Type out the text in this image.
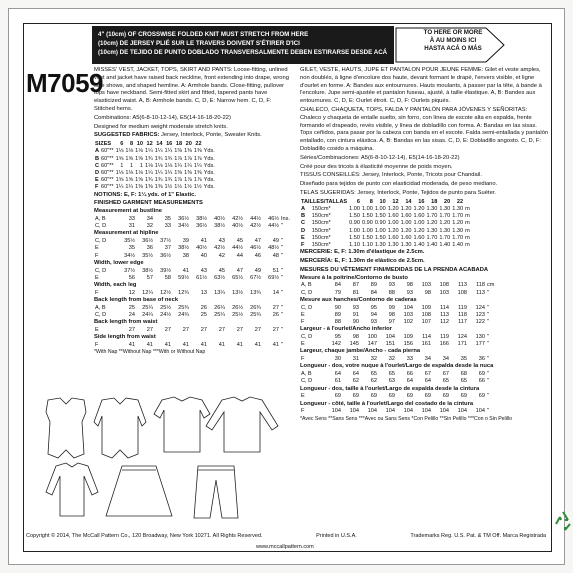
4" (10cm) OF CROSSWISE FOLDED KNIT MUST STRETCH FROM HERE
(10cm) DE JERSEY PLIÉ SUR LE TRAVERS DOIVENT S'ÉTIRER D'ICI
(10cm) DE TEJIDO DE PUNTO DOBLADO TRANSVERSALMENTE DEBEN ESTIRARSE DESDE ACÁ
TO HERE OR MORE
À AU MOINS ICI
HASTA ACÁ O MÁS
M7059
MISSES' VEST, JACKET, TOPS, SKIRT AND PANTS: Loose-fitting, unlined vest and jacket have raised back neckline, front extending into drape, wrong side shows, and shaped hemline. A: Armhole bands. Close-fitting, pullover tops have neckband. Semi-fitted skirt and fitted, tapered pants have elasticized waist. A, B: Armhole bands. C, D, E: Narrow hem. C, D, F: Stitched hems.
Combinations: A5(6-8-10-12-14), E5(14-16-18-20-22)
Designed for medium weight moderate stretch knits.
SUGGESTED FABRICS: Jersey, Interlock, Ponte, Sweater Knits.
SIZES		6	8	10	12	14	16	18	20	22	
A	60"**	1⅛	1⅛	1⅛	1¼	1¼	1¼	1⅜	1⅜	1⅜	Yds.
B	60"**	1⅝	1⅝	1⅝	1¾	1¾	1¾	1⅞	1⅞	1⅞	Yds.
C	60"**	1	1	1	1⅛	1⅛	1⅛	1¼	1¼	1¼	Yds.
D	60"**	1⅛	1⅛	1⅛	1¼	1¼	1¼	1⅜	1⅜	1⅜	Yds.
E	60"**	1⅝	1⅝	1⅝	1¾	1¾	1¾	1⅞	1⅞	1⅞	Yds.
F	60"**	1¼	1¼	1⅜	1⅜	1⅜	1½	1½	1½	1½	Yds.
NOTIONS: E, F: 1¼ yds. of 1" Elastic.
FINISHED GARMENT MEASUREMENTS
Measurement at bustline
A, B	33	34	35	36½	38½	40½	42½	44½	46½	Ins.
C, D	31	32	33	34½	36½	38½	40½	42½	44½	"
Measurement at hipline
C, D	35½	36½	37½	39	41	43	45	47	49	"
E	35	36	37	38½	40½	42½	44½	46½	48½	"
F	34½	35½	36½	38	40	42	44	46	48	"
Width, lower edge
C, D	37½	38½	39½	41	43	45	47	49	51	"
E	56	57	58	59½	61½	63½	65½	67½	69½	"
Width, each leg
F	12	12¼	12½	12¾	13	13¼	13½	13¾	14	"
Back length from base of neck
A, B	25	25¼	25½	25¾	26	26¼	26½	26¾	27	"
C, D	24	24¼	24½	24¾	25	25¼	25½	25¾	26	"
Back length from waist
E	27	27	27	27	27	27	27	27	27	"
Side length from waist
F	41	41	41	41	41	41	41	41	41	"
*With Nap **Without Nap ***With or Without Nap
GILET, VESTE, HAUTS, JUPE ET PANTALON POUR JEUNE FEMME: Gilet et veste amples, non doublés, à ligne d'encolure dos haute, devant formant le drapé, l'envers visible, et ligne d'ourlet en forme. A: Bandes aux entournures. Hauts moulants, à passer par la tête, à bande à l'encolure. Jupe semi-ajustée et pantalon fuseau, ajusté, à taille élastique. A, B: Bandes aux entournures. C, D, E: Ourlet étroit. C, D, F: Ourlets piqués.
CHALECO, CHAQUETA, TOPS, FALDA Y PANTALÓN PARA JÓVENES Y SEÑORITAS: Chaleco y chaqueta de entalle suelto, sin forro, con línea de escote alta en espalda, frente formando el drapeado, revés visible, y línea de dobladillo con forma. A: Bandas en las sisas. Tops ceñidos, para pasar por la cabeza con banda en el escote. Falda semi-entallada y pantalón entallado, con cintura elástica. A, B: Bandas en las sisas. C, D, E: Dobladillo angosto. C, D, F: Dobladillo cosido a máquina.
Séries/Combinaciones: A5(6-8-10-12-14), E5(14-16-18-20-22)
Créé pour des tricots à élasticité moyenne de poids moyen.
TISSUS CONSEILLÉS: Jersey, Interlock, Ponte, Tricots pour Chandail.
Diseñado para tejidos de punto con elasticidad moderada, de peso mediano.
TELAS SUGERIDAS: Jersey, Interlock, Ponte, Tejidos de punto para Suéter.
TAILLES/TALLAS		6	8	10	12	14	16	18	20	22	
A	150cm*	1.00	1.00	1.00	1.20	1.20	1.20	1.30	1.30	1.30	m
B	150cm*	1.50	1.50	1.50	1.60	1.60	1.60	1.70	1.70	1.70	m
C	150cm*	0.90	0.90	0.90	1.00	1.00	1.00	1.20	1.20	1.20	m
D	150cm*	1.00	1.00	1.00	1.20	1.20	1.20	1.30	1.30	1.30	m
E	150cm*	1.50	1.50	1.50	1.60	1.60	1.60	1.70	1.70	1.70	m
F	150cm*	1.10	1.10	1.30	1.30	1.30	1.40	1.40	1.40	1.40	m
MERCERIE: E, F: 1.30m d'élastique de 2.5cm.
MERCERÍA: E, F: 1.30m de elástico de 2.5cm.
MESURES DU VÊTEMENT FINI/MEDIDAS DE LA PRENDA ACABADA
Mesure à la poitrine/Contorno de busto
A, B	84	87	89	93	98	103	108	113	118	cm
C, D	79	81	84	88	93	98	103	108	113	"
Mesure aux hanches/Contorno de caderas
C, D	90	93	95	99	104	109	114	119	124	"
E	89	91	94	98	103	108	113	118	123	"
F	88	90	93	97	102	107	112	117	122	"
Largeur - à l'ourlet/Ancho inferior
C, D	95	98	100	104	109	114	119	124	130	"
E	142	145	147	151	156	161	166	171	177	"
Largeur, chaque jambe/Ancho - cada pierna
F	30	31	32	32	33	34	34	35	36	"
Longueur - dos, votre nuque à l'ourlet/Largo de espalda desde la nuca
A, B	64	64	65	65	66	67	67	68	69	"
C, D	61	62	62	63	64	64	65	65	66	"
Longueur - dos, taille à l'ourlet/Largo de espalda desde la cintura
E	69	69	69	69	69	69	69	69	69	"
Longueur - côté, taille à l'ourlet/Largo del costado de la cintura
F	104	104	104	104	104	104	104	104	104	"
*Avec Sens **Sans Sens ***Avec ou Sans Sens *Con Pelillo **Sin Pelillo ***Con o Sin Pelillo
Copyright © 2014, The McCall Pattern Co., 120 Broadway, New York 10271. All Rights Reserved.	Printed in U.S.A.	Trademarks Reg. U.S. Pat. & TM Off. Marca Registrada
www.mccallpattern.com
